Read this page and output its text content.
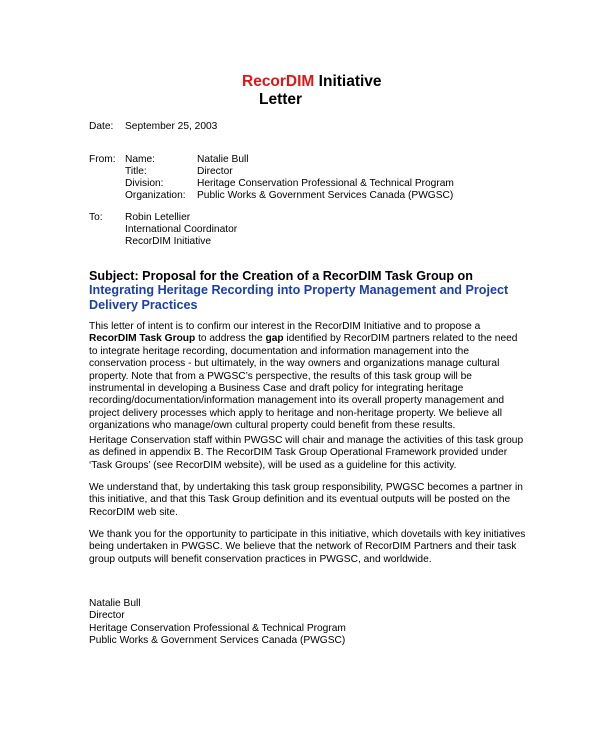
RecorDIM Initiative
Letter
Date: September 25, 2003
From: Name:	Natalie Bull
Title:	Director
Division:	Heritage Conservation Professional & Technical Program
Organization: Public Works & Government Services Canada (PWGSC)
To: Robin Letellier
International Coordinator
RecorDIM Initiative
Subject: Proposal for the Creation of a RecorDIM Task Group on
Integrating Heritage Recording into Property Management and Project
Delivery Practices
This letter of intent is to confirm our interest in the RecorDIM Initiative and to propose a
RecorDIM Task Group to address the gap identified by RecorDIM partners related to the need
to integrate heritage recording, documentation and information management into the
conservation process - but ultimately, in the way owners and organizations manage cultural
property. Note that from a PWGSC’s perspective, the results of this task group will be
instrumental in developing a Business Case and draft policy for integrating heritage
recording/documentation/information management into its overall property management and
project delivery processes which apply to heritage and non-heritage property. We believe all
organizations who manage/own cultural property could benefit from these results.
Heritage Conservation staff within PWGSC will chair and manage the activities of this task group
as defined in appendix B. The RecorDIM Task Group Operational Framework provided under
‘Task Groups’ (see RecorDIM website), will be used as a guideline for this activity.
We understand that, by undertaking this task group responsibility, PWGSC becomes a partner in
this initiative, and that this Task Group definition and its eventual outputs will be posted on the
RecorDIM web site.
We thank you for the opportunity to participate in this initiative, which dovetails with key initiatives
being undertaken in PWGSC. We believe that the network of RecorDIM Partners and their task
group outputs will benefit conservation practices in PWGSC, and worldwide.
Natalie Bull
Director
Heritage Conservation Professional & Technical Program
Public Works & Government Services Canada (PWGSC)
